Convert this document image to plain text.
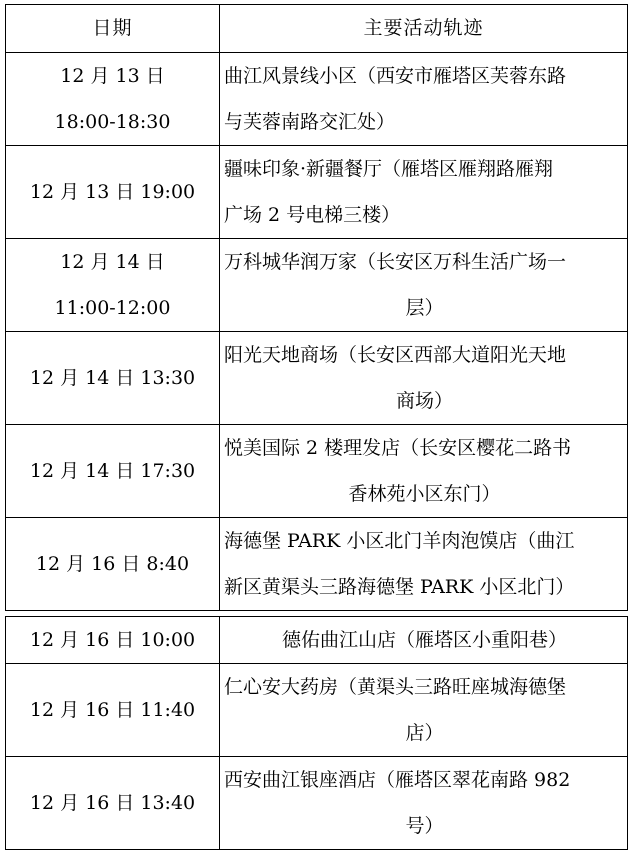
日期	主要活动轨迹

12 月 13 日
18:00-18:30	曲江风景线小区（西安市雁塔区芙蓉东路
与芙蓉南路交汇处）

12 月 13 日 19:00	疆味印象·新疆餐厅（雁塔区雁翔路雁翔
广场 2 号电梯三楼）

12 月 14 日
11:00-12:00	万科城华润万家（长安区万科生活广场一
层）

12 月 14 日 13:30	阳光天地商场（长安区西部大道阳光天地
商场）

12 月 14 日 17:30	悦美国际 2 楼理发店（长安区樱花二路书
香林苑小区东门）

12 月 16 日 8:40	海德堡 PARK 小区北门羊肉泡馍店（曲江
新区黄渠头三路海德堡 PARK 小区北门）
12 月 16 日 10:00	德佑曲江山店（雁塔区小重阳巷）

12 月 16 日 11:40	仁心安大药房（黄渠头三路旺座城海德堡
店）

12 月 16 日 13:40	西安曲江银座酒店（雁塔区翠花南路 982
号）
